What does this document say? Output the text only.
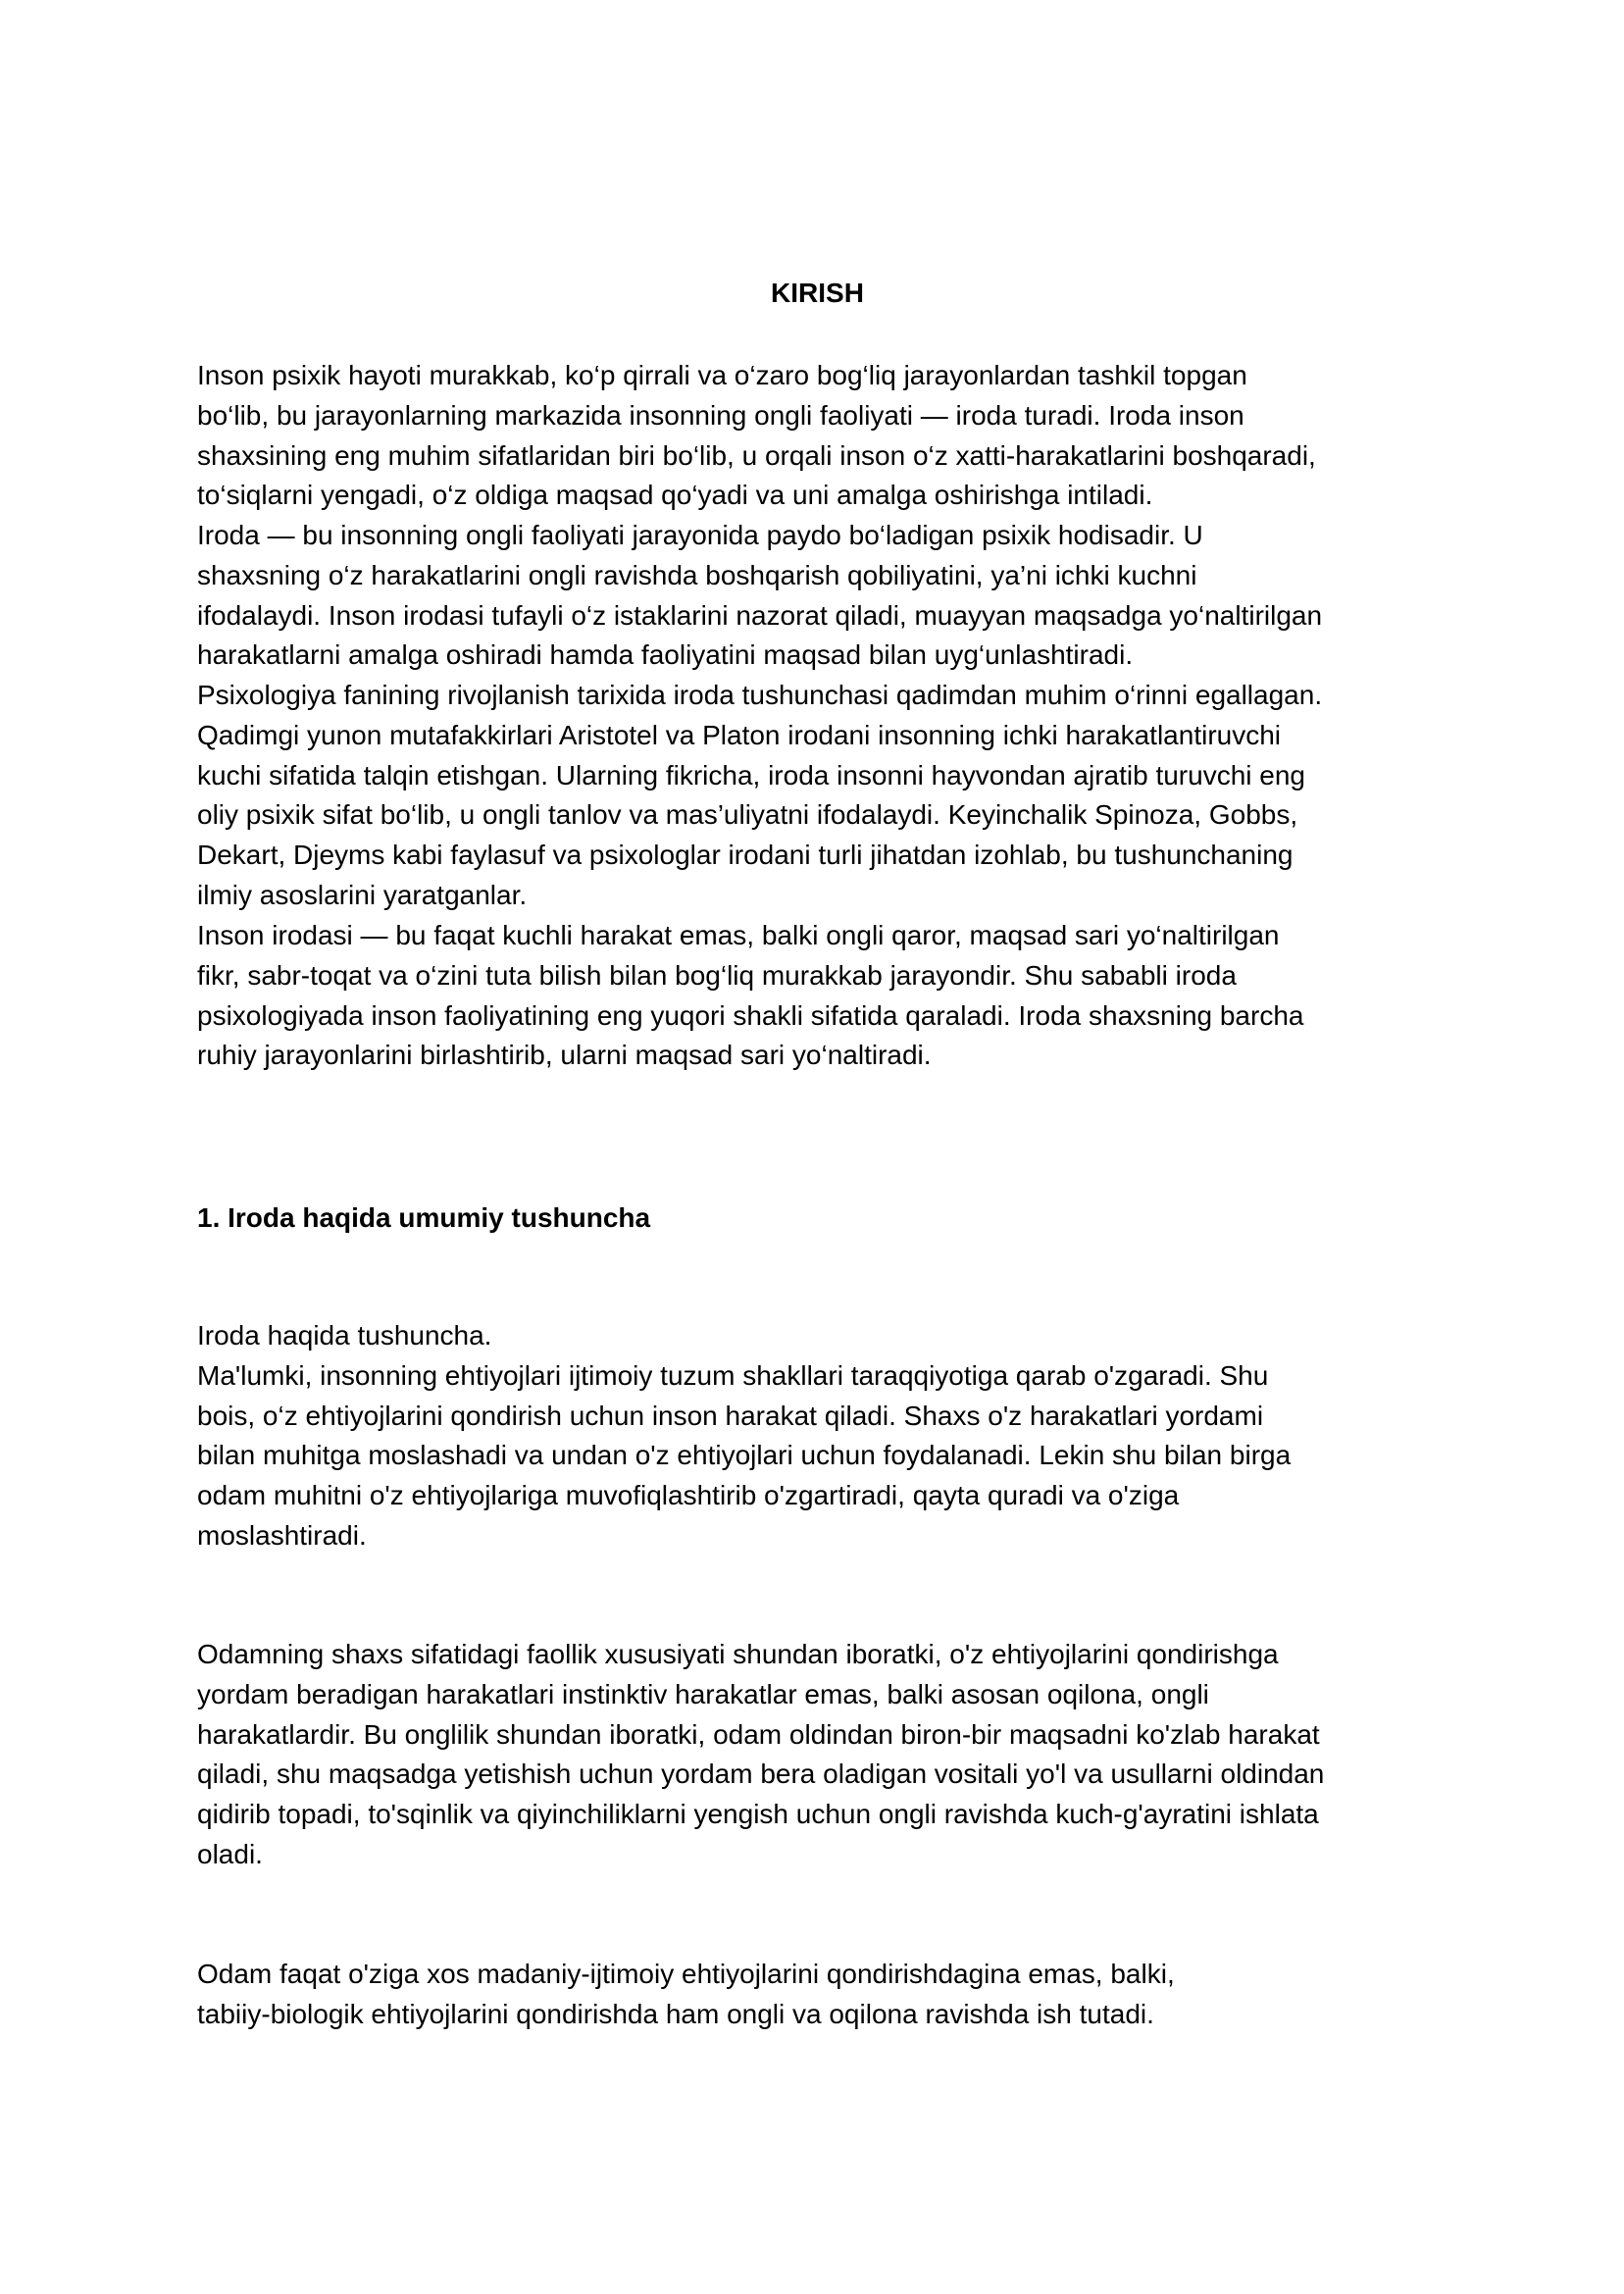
KIRISH

Inson psixik hayoti murakkab, ko‘p qirrali va o‘zaro bog‘liq jarayonlardan tashkil topgan
bo‘lib, bu jarayonlarning markazida insonning ongli faoliyati — iroda turadi. Iroda inson
shaxsining eng muhim sifatlaridan biri bo‘lib, u orqali inson o‘z xatti-harakatlarini boshqaradi,
to‘siqlarni yengadi, o‘z oldiga maqsad qo‘yadi va uni amalga oshirishga intiladi.

Iroda — bu insonning ongli faoliyati jarayonida paydo bo‘ladigan psixik hodisadir. U
shaxsning o‘z harakatlarini ongli ravishda boshqarish qobiliyatini, ya’ni ichki kuchni
ifodalaydi. Inson irodasi tufayli o‘z istaklarini nazorat qiladi, muayyan maqsadga yo‘naltirilgan
harakatlarni amalga oshiradi hamda faoliyatini maqsad bilan uyg‘unlashtiradi.

Psixologiya fanining rivojlanish tarixida iroda tushunchasi qadimdan muhim o‘rinni egallagan.
Qadimgi yunon mutafakkirlari Aristotel va Platon irodani insonning ichki harakatlantiruvchi
kuchi sifatida talqin etishgan. Ularning fikricha, iroda insonni hayvondan ajratib turuvchi eng
oliy psixik sifat bo‘lib, u ongli tanlov va mas’uliyatni ifodalaydi. Keyinchalik Spinoza, Gobbs,
Dekart, Djeyms kabi faylasuf va psixologlar irodani turli jihatdan izohlab, bu tushunchaning
ilmiy asoslarini yaratganlar.

Inson irodasi — bu faqat kuchli harakat emas, balki ongli qaror, maqsad sari yo‘naltirilgan
fikr, sabr-toqat va o‘zini tuta bilish bilan bog‘liq murakkab jarayondir. Shu sababli iroda
psixologiyada inson faoliyatining eng yuqori shakli sifatida qaraladi. Iroda shaxsning barcha
ruhiy jarayonlarini birlashtirib, ularni maqsad sari yo‘naltiradi.

1. Iroda haqida umumiy tushuncha

Iroda haqida tushuncha.
Ma'lumki, insonning ehtiyojlari ijtimoiy tuzum shakllari taraqqiyotiga qarab o'zgaradi. Shu
bois, o‘z ehtiyojlarini qondirish uchun inson harakat qiladi. Shaxs o'z harakatlari yordami
bilan muhitga moslashadi va undan o'z ehtiyojlari uchun foydalanadi. Lekin shu bilan birga
odam muhitni o'z ehtiyojlariga muvofiqlashtirib o'zgartiradi, qayta quradi va o'ziga
moslashtiradi.

Odamning shaxs sifatidagi faollik xususiyati shundan iboratki, o'z ehtiyojlarini qondirishga
yordam beradigan harakatlari instinktiv harakatlar emas, balki asosan oqilona, ongli
harakatlardir. Bu onglilik shundan iboratki, odam oldindan biron-bir maqsadni ko'zlab harakat
qiladi, shu maqsadga yetishish uchun yordam bera oladigan vositali yo'l va usullarni oldindan
qidirib topadi, to'sqinlik va qiyinchiliklarni yengish uchun ongli ravishda kuch-g'ayratini ishlata
oladi.

Odam faqat o'ziga xos madaniy-ijtimoiy ehtiyojlarini qondirishdagina emas, balki,
tabiiy-biologik ehtiyojlarini qondirishda ham ongli va oqilona ravishda ish tutadi.
